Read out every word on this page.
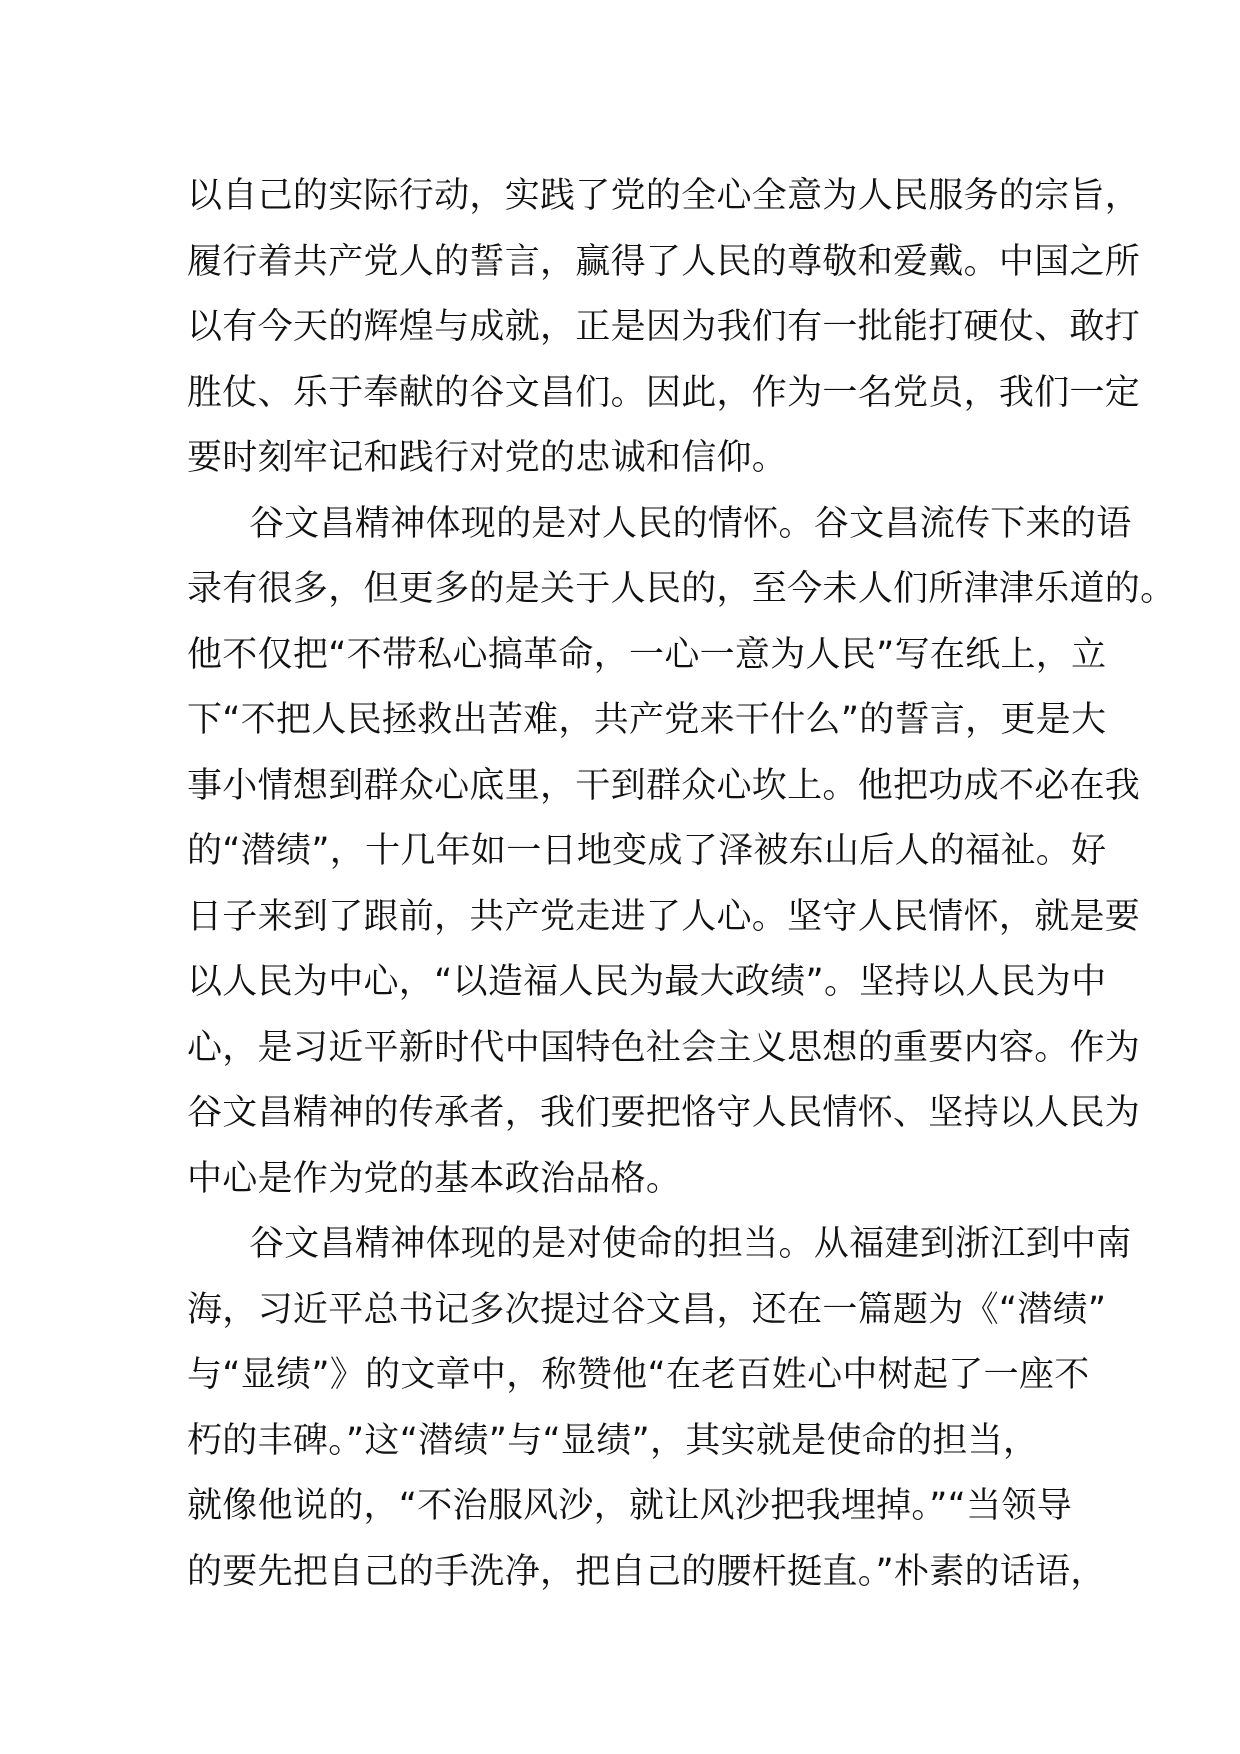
以自己的实际行动，实践了党的全心全意为人民服务的宗旨，
履行着共产党人的誓言，赢得了人民的尊敬和爱戴。中国之所
以有今天的辉煌与成就，正是因为我们有一批能打硬仗、敢打
胜仗、乐于奉献的谷文昌们。因此，作为一名党员，我们一定
要时刻牢记和践行对党的忠诚和信仰。
谷文昌精神体现的是对人民的情怀。谷文昌流传下来的语
录有很多，但更多的是关于人民的，至今未人们所津津乐道的。
他不仅把“不带私心搞革命，一心一意为人民”写在纸上，立
下“不把人民拯救出苦难，共产党来干什么”的誓言，更是大
事小情想到群众心底里，干到群众心坎上。他把功成不必在我
的“潜绩”，十几年如一日地变成了泽被东山后人的福祉。好
日子来到了跟前，共产党走进了人心。坚守人民情怀，就是要
以人民为中心，“以造福人民为最大政绩”。坚持以人民为中
心，是习近平新时代中国特色社会主义思想的重要内容。作为
谷文昌精神的传承者，我们要把恪守人民情怀、坚持以人民为
中心是作为党的基本政治品格。
谷文昌精神体现的是对使命的担当。从福建到浙江到中南
海，习近平总书记多次提过谷文昌，还在一篇题为《“潜绩”
与“显绩”》的文章中，称赞他“在老百姓心中树起了一座不
朽的丰碑。”这“潜绩”与“显绩”，其实就是使命的担当，
就像他说的，“不治服风沙，就让风沙把我埋掉。”“当领导
的要先把自己的手洗净，把自己的腰杆挺直。”朴素的话语，
